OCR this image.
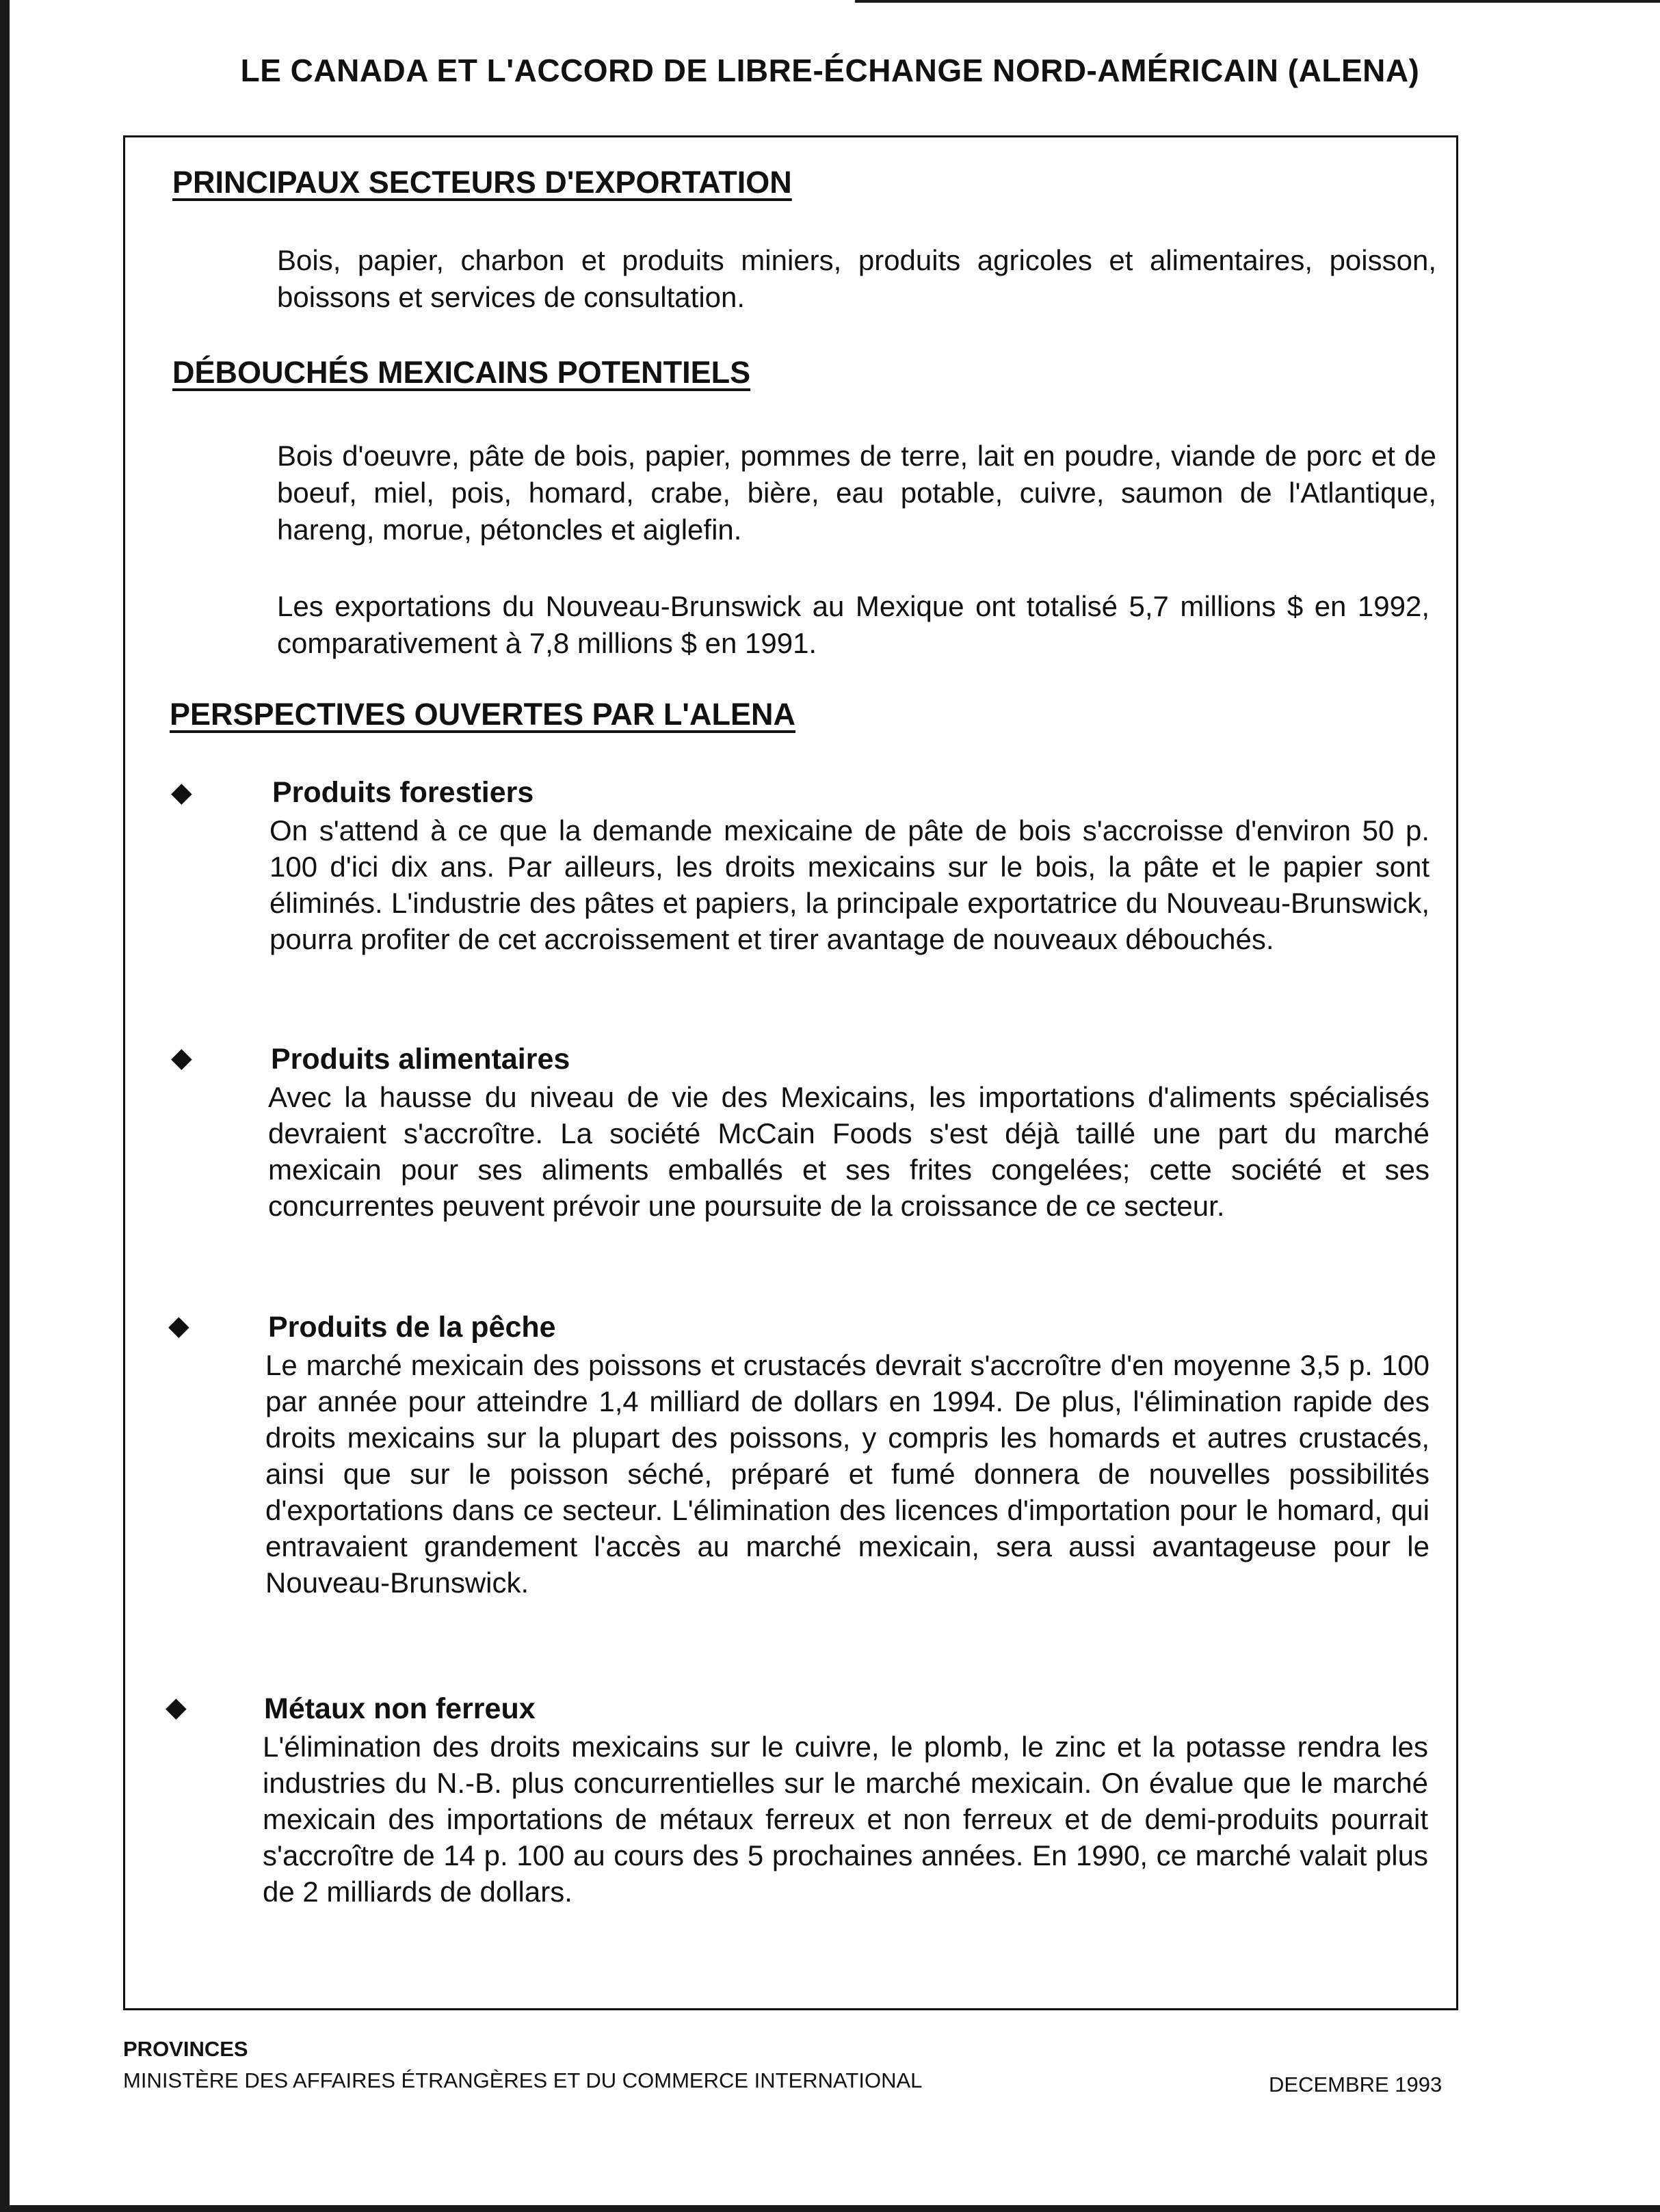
LE CANADA ET L'ACCORD DE LIBRE-ÉCHANGE NORD-AMÉRICAIN (ALENA)
PRINCIPAUX SECTEURS D'EXPORTATION

Bois, papier, charbon et produits miniers, produits agricoles et alimentaires, poisson, boissons et services de consultation.

DÉBOUCHÉS MEXICAINS POTENTIELS

Bois d'oeuvre, pâte de bois, papier, pommes de terre, lait en poudre, viande de porc et de boeuf, miel, pois, homard, crabe, bière, eau potable, cuivre, saumon de l'Atlantique, hareng, morue, pétoncles et aiglefin.

Les exportations du Nouveau-Brunswick au Mexique ont totalisé 5,7 millions $ en 1992, comparativement à 7,8 millions $ en 1991.

PERSPECTIVES OUVERTES PAR L'ALENA
◆	Produits forestiers

On s'attend à ce que la demande mexicaine de pâte de bois s'accroisse d'environ 50 p. 100 d'ici dix ans. Par ailleurs, les droits mexicains sur le bois, la pâte et le papier sont éliminés. L'industrie des pâtes et papiers, la principale exportatrice du Nouveau-Brunswick, pourra profiter de cet accroissement et tirer avantage de nouveaux débouchés.

◆	Produits alimentaires

Avec la hausse du niveau de vie des Mexicains, les importations d'aliments spécialisés devraient s'accroître. La société McCain Foods s'est déjà taillé une part du marché mexicain pour ses aliments emballés et ses frites congelées; cette société et ses concurrentes peuvent prévoir une poursuite de la croissance de ce secteur.

◆	Produits de la pêche

Le marché mexicain des poissons et crustacés devrait s'accroître d'en moyenne 3,5 p. 100 par année pour atteindre 1,4 milliard de dollars en 1994. De plus, l'élimination rapide des droits mexicains sur la plupart des poissons, y compris les homards et autres crustacés, ainsi que sur le poisson séché, préparé et fumé donnera de nouvelles possibilités d'exportations dans ce secteur. L'élimination des licences d'importation pour le homard, qui entravaient grandement l'accès au marché mexicain, sera aussi avantageuse pour le Nouveau-Brunswick.

◆	Métaux non ferreux

L'élimination des droits mexicains sur le cuivre, le plomb, le zinc et la potasse rendra les industries du N.-B. plus concurrentielles sur le marché mexicain. On évalue que le marché mexicain des importations de métaux ferreux et non ferreux et de demi-produits pourrait s'accroître de 14 p. 100 au cours des 5 prochaines années. En 1990, ce marché valait plus de 2 milliards de dollars.

PROVINCES

MINISTÈRE DES AFFAIRES ÉTRANGÈRES ET DU COMMERCE INTERNATIONAL	DECEMBRE 1993
